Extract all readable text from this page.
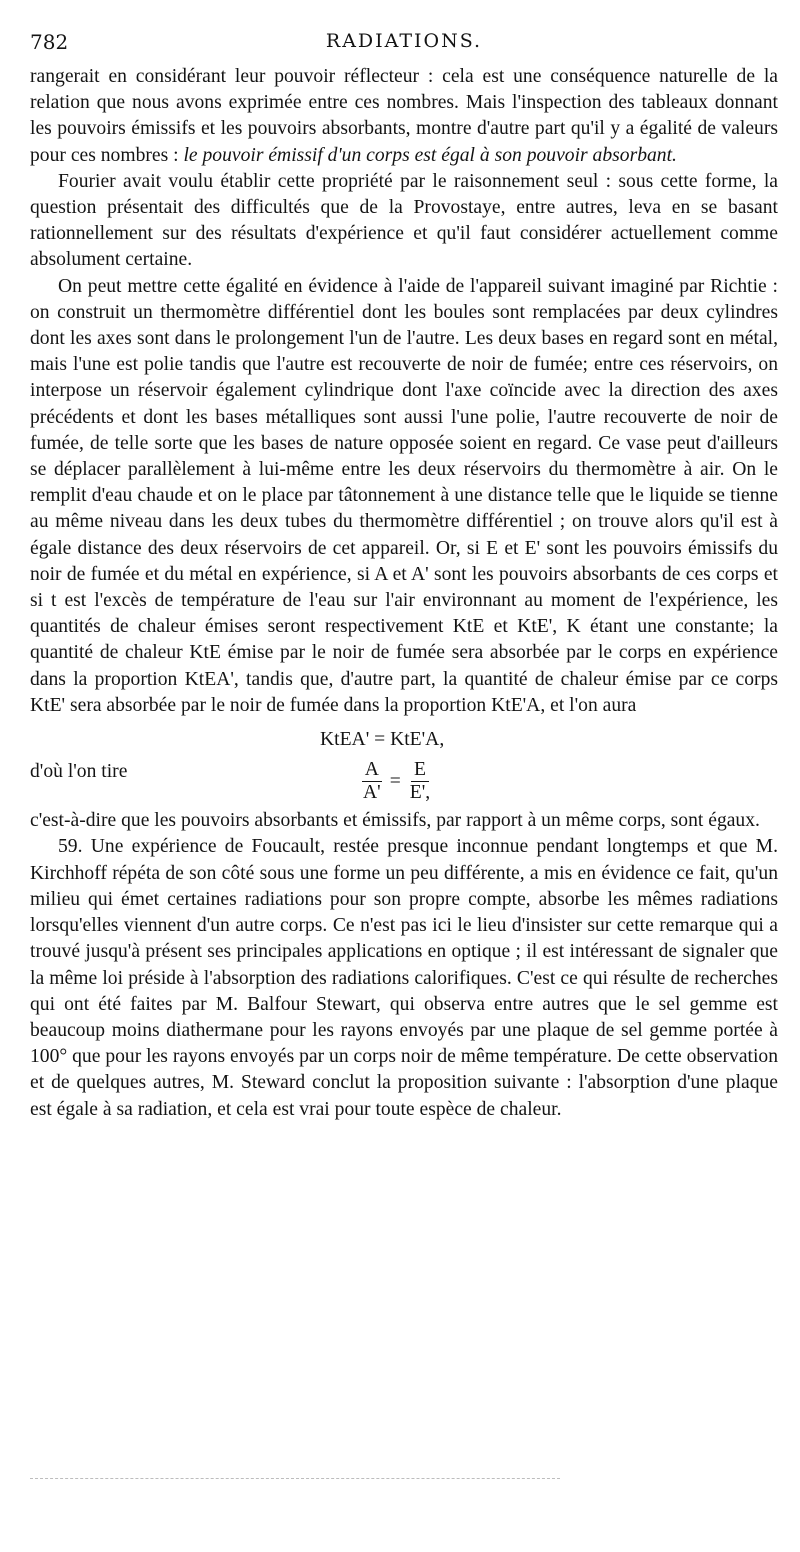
782	RADIATIONS.

rangerait en considérant leur pouvoir réflecteur : cela est une conséquence naturelle de la relation que nous avons exprimée entre ces nombres. Mais l'inspection des tableaux donnant les pouvoirs émissifs et les pouvoirs absorbants, montre d'autre part qu'il y a égalité de valeurs pour ces nombres : le pouvoir émissif d'un corps est égal à son pouvoir absorbant.

Fourier avait voulu établir cette propriété par le raisonnement seul : sous cette forme, la question présentait des difficultés que de la Provostaye, entre autres, leva en se basant rationnellement sur des résultats d'expérience et qu'il faut considérer actuellement comme absolument certaine.

On peut mettre cette égalité en évidence à l'aide de l'appareil suivant imaginé par Richtie : on construit un thermomètre différentiel dont les boules sont remplacées par deux cylindres dont les axes sont dans le prolongement l'un de l'autre. Les deux bases en regard sont en métal, mais l'une est polie tandis que l'autre est recouverte de noir de fumée; entre ces réservoirs, on interpose un réservoir également cylindrique dont l'axe coïncide avec la direction des axes précédents et dont les bases métalliques sont aussi l'une polie, l'autre recouverte de noir de fumée, de telle sorte que les bases de nature opposée soient en regard. Ce vase peut d'ailleurs se déplacer parallèlement à lui-même entre les deux réservoirs du thermomètre à air. On le remplit d'eau chaude et on le place par tâtonnement à une distance telle que le liquide se tienne au même niveau dans les deux tubes du thermomètre différentiel ; on trouve alors qu'il est à égale distance des deux réservoirs de cet appareil. Or, si E et E' sont les pouvoirs émissifs du noir de fumée et du métal en expérience, si A et A' sont les pouvoirs absorbants de ces corps et si t est l'excès de température de l'eau sur l'air environnant au moment de l'expérience, les quantités de chaleur émises seront respectivement KtE et KtE', K étant une constante; la quantité de chaleur KtE émise par le noir de fumée sera absorbée par le corps en expérience dans la proportion KtEA', tandis que, d'autre part, la quantité de chaleur émise par ce corps KtE' sera absorbée par le noir de fumée dans la proportion KtE'A, et l'on aura

KtEA' = KtE'A,
d'où l'on tire	$\frac{A}{A'} = \frac{E}{E',}$

c'est-à-dire que les pouvoirs absorbants et émissifs, par rapport à un même corps, sont égaux.

59. Une expérience de Foucault, restée presque inconnue pendant longtemps et que M. Kirchhoff répéta de son côté sous une forme un peu différente, a mis en évidence ce fait, qu'un milieu qui émet certaines radiations pour son propre compte, absorbe les mêmes radiations lorsqu'elles viennent d'un autre corps. Ce n'est pas ici le lieu d'insister sur cette remarque qui a trouvé jusqu'à présent ses principales applications en optique ; il est intéressant de signaler que la même loi préside à l'absorption des radiations calorifiques. C'est ce qui résulte de recherches qui ont été faites par M. Balfour Stewart, qui observa entre autres que le sel gemme est beaucoup moins diathermane pour les rayons envoyés par une plaque de sel gemme portée à 100° que pour les rayons envoyés par un corps noir de même température. De cette observation et de quelques autres, M. Steward conclut la proposition suivante : l'absorption d'une plaque est égale à sa radiation, et cela est vrai pour toute espèce de chaleur.
